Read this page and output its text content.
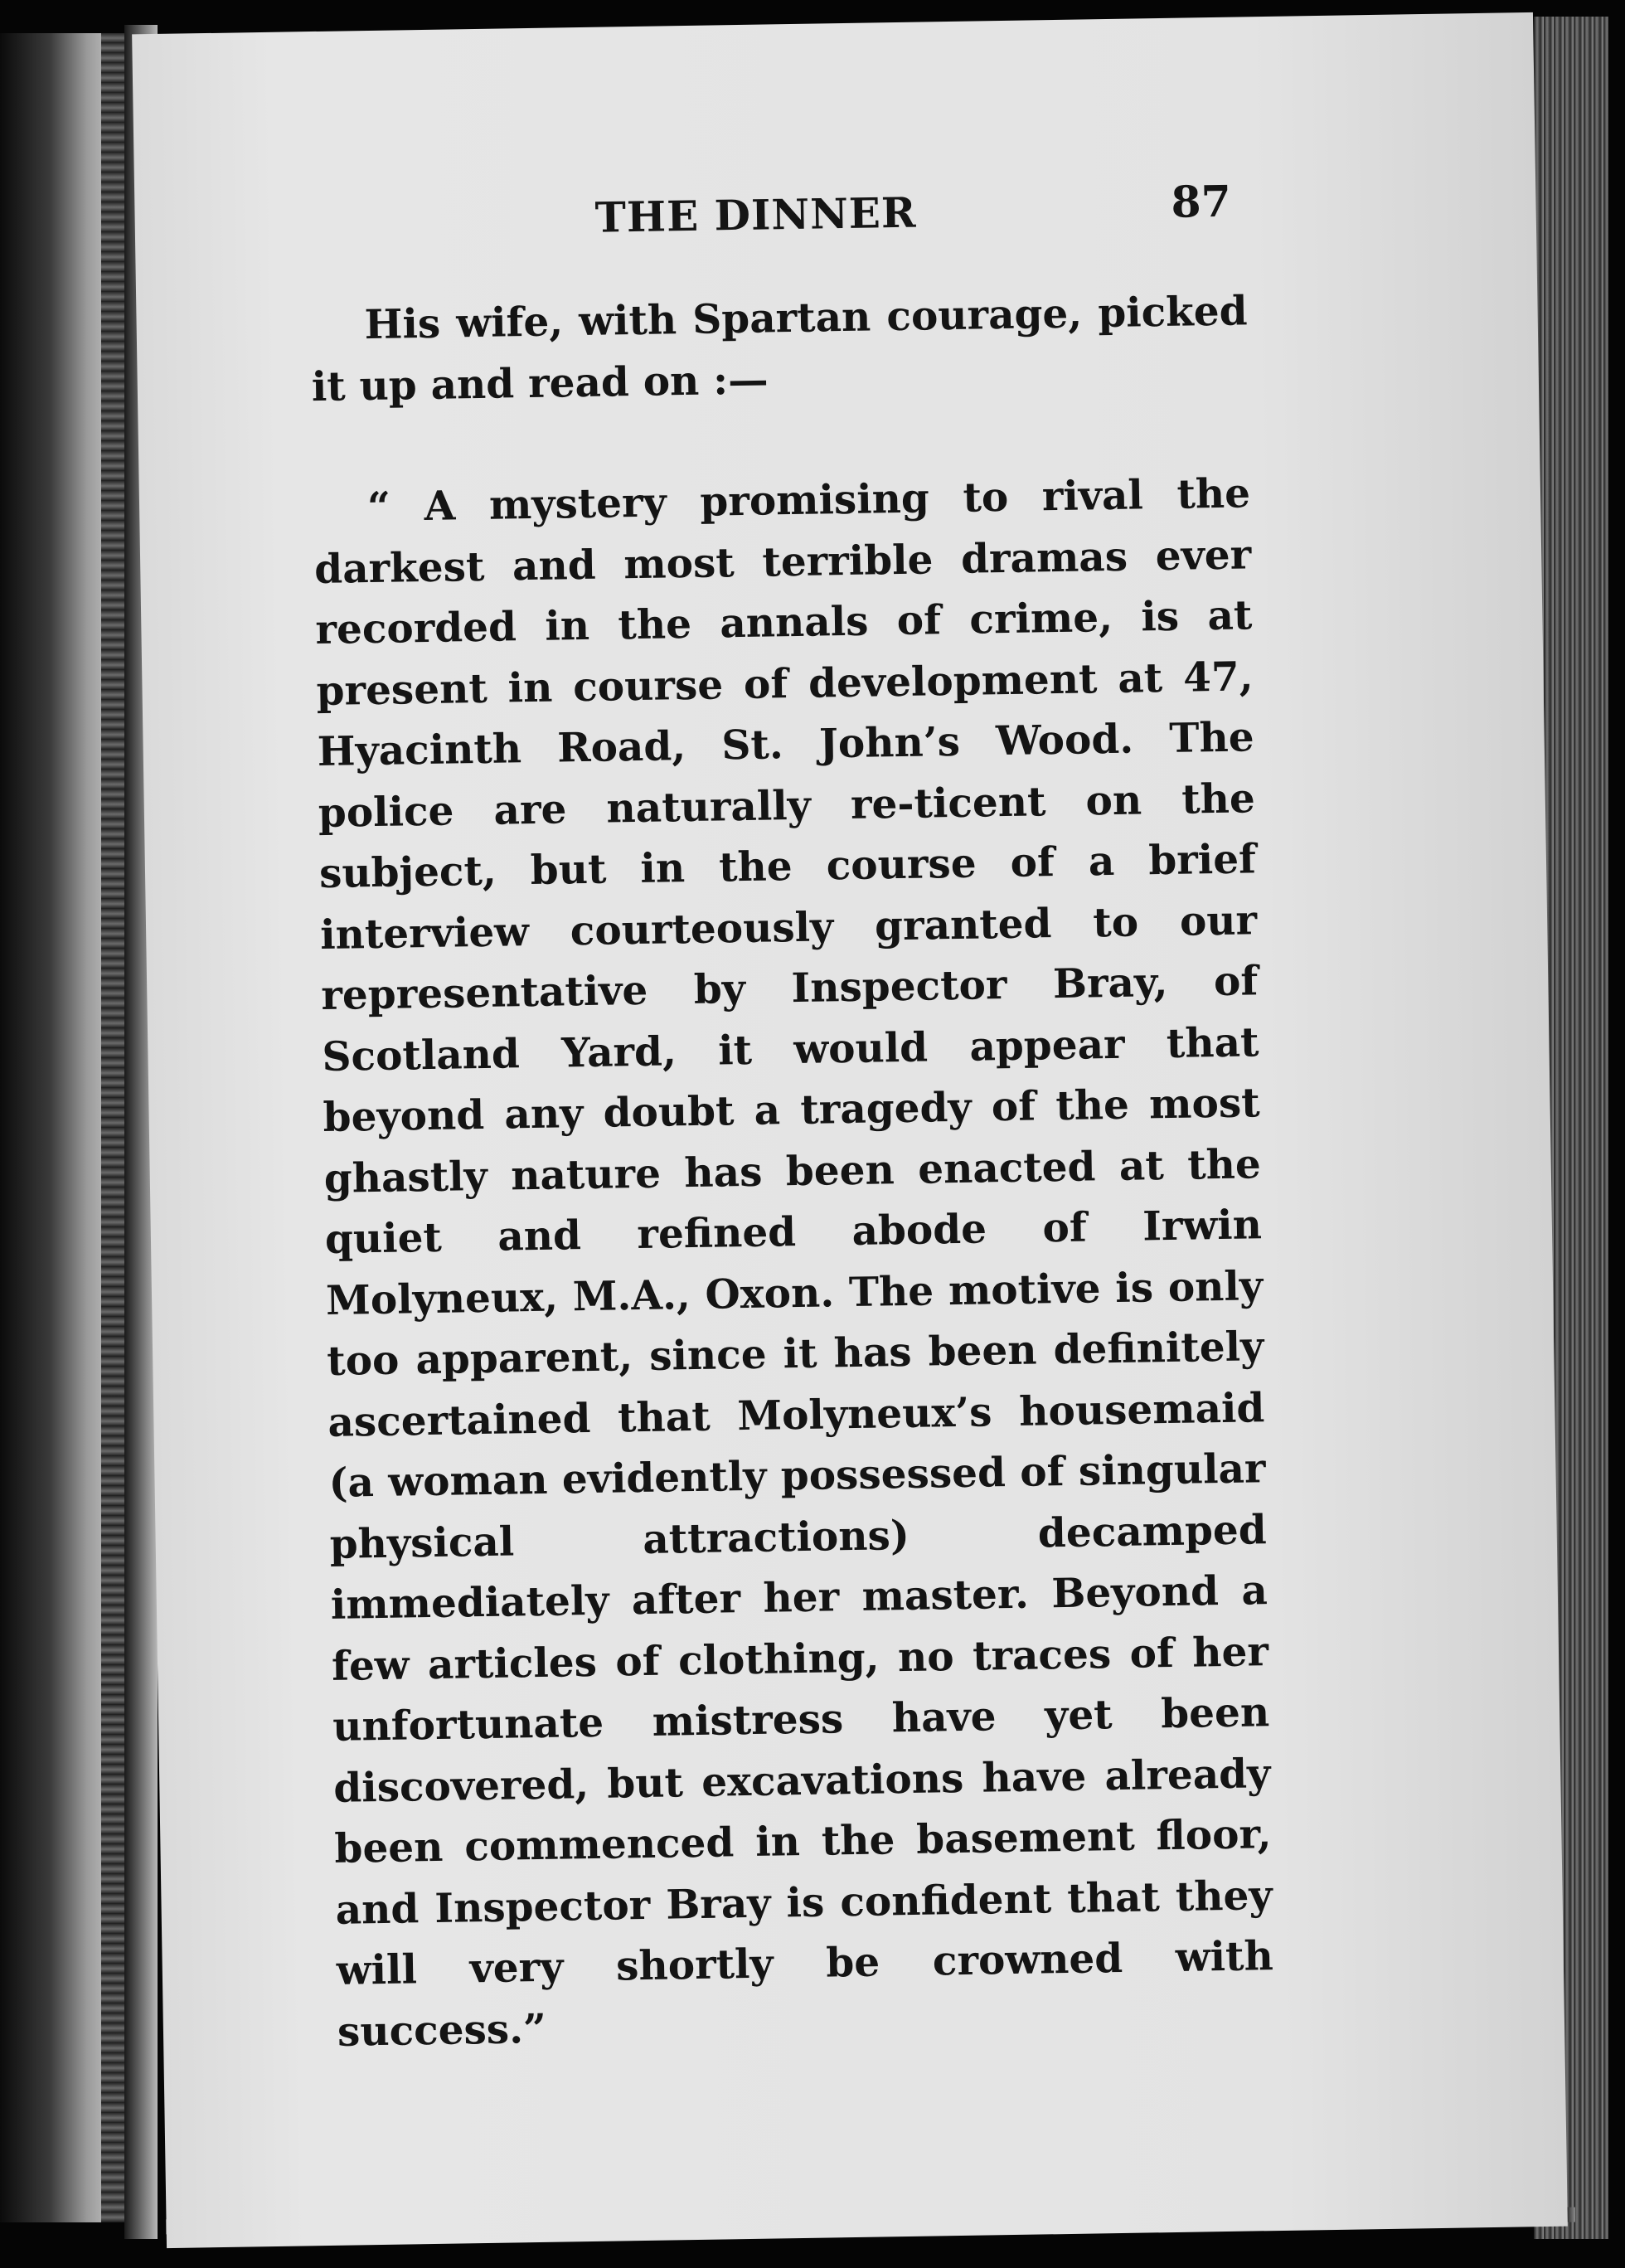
THE DINNER	87

His wife, with Spartan courage, picked it up and read on :—

“ A mystery promising to rival the darkest and most terrible dramas ever recorded in the annals of crime, is at present in course of development at 47, Hyacinth Road, St. John’s Wood. The police are naturally re-ticent on the subject, but in the course of a brief interview courteously granted to our representative by Inspector Bray, of Scotland Yard, it would appear that beyond any doubt a tragedy of the most ghastly nature has been enacted at the quiet and refined abode of Irwin Molyneux, M.A., Oxon. The motive is only too apparent, since it has been definitely ascertained that Molyneux’s housemaid (a woman evidently possessed of singular physical attractions) decamped immediately after her master. Beyond a few articles of clothing, no traces of her unfortunate mistress have yet been discovered, but excavations have already been commenced in the basement floor, and Inspector Bray is confident that they will very shortly be crowned with success.”
